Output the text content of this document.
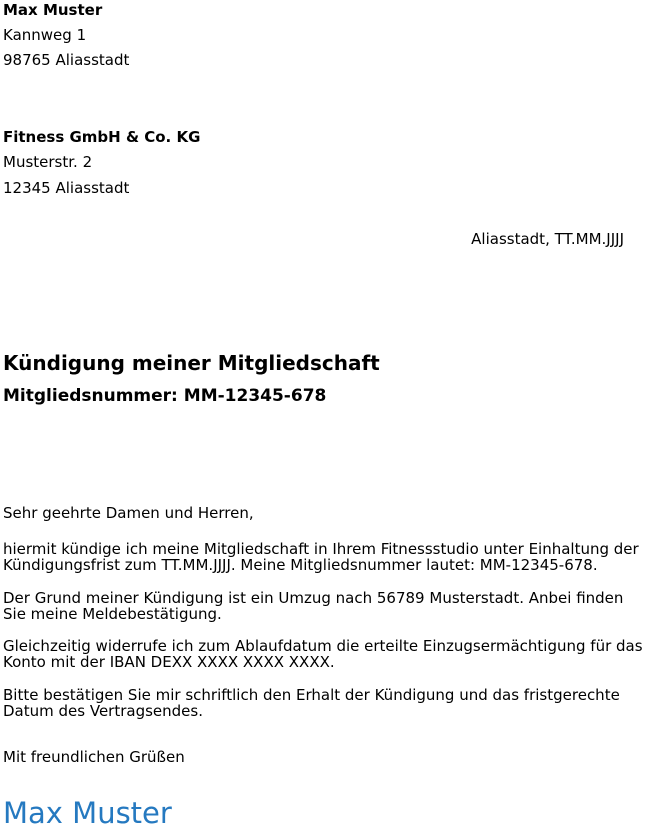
Max Muster
Kannweg 1
98765 Aliasstadt
Fitness GmbH & Co. KG
Musterstr. 2
12345 Aliasstadt
Aliasstadt, TT.MM.JJJJ
Kündigung meiner Mitgliedschaft
Mitgliedsnummer: MM-12345-678
Sehr geehrte Damen und Herren,
hiermit kündige ich meine Mitgliedschaft in Ihrem Fitnessstudio unter Einhaltung der Kündigungsfrist zum TT.MM.JJJJ. Meine Mitgliedsnummer lautet: MM-12345-678.
Der Grund meiner Kündigung ist ein Umzug nach 56789 Musterstadt. Anbei finden Sie meine Meldebestätigung.
Gleichzeitig widerrufe ich zum Ablaufdatum die erteilte Einzugsermächtigung für das Konto mit der IBAN DEXX XXXX XXXX XXXX.
Bitte bestätigen Sie mir schriftlich den Erhalt der Kündigung und das fristgerechte Datum des Vertragsendes.
Mit freundlichen Grüßen
Max Muster
